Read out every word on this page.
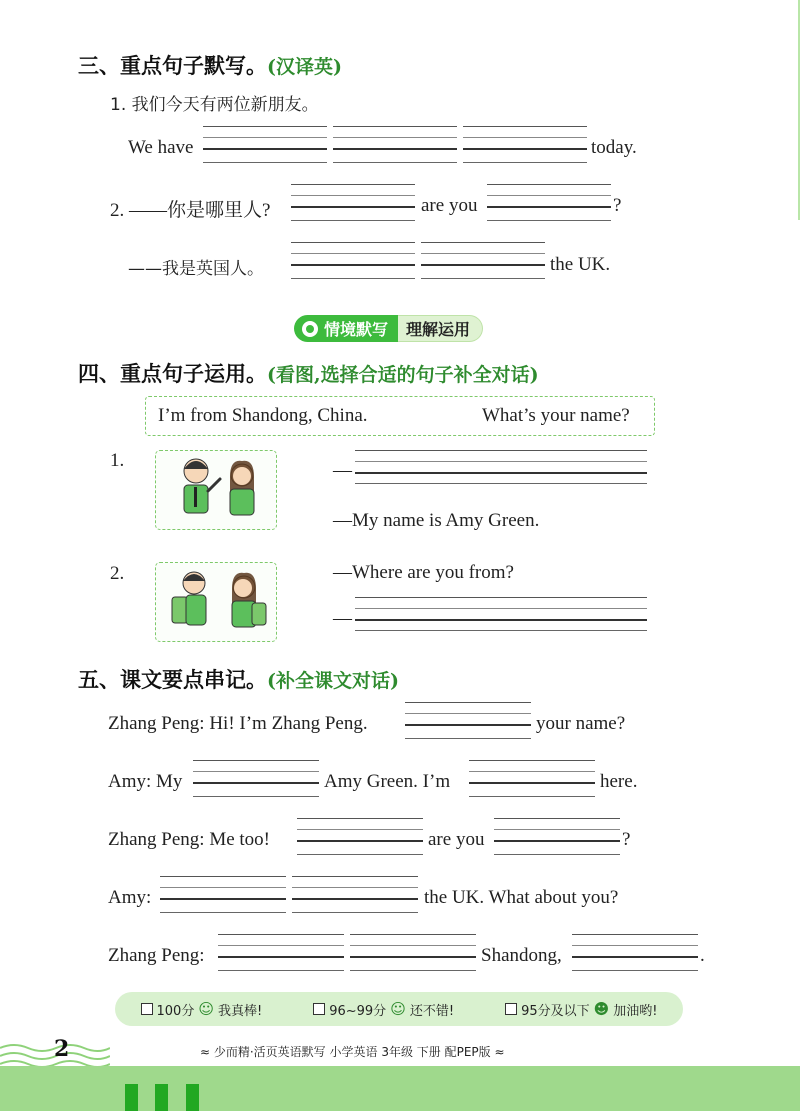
三、重点句子默写。(汉译英)
1. 我们今天有两位新朋友。
We have	today.
2. ——你是哪里人?	are you	?
——我是英国人。	the UK.
情境默写 理解运用
四、重点句子运用。(看图,选择合适的句子补全对话)
I’m from Shandong, China.	What’s your name?
1.	—
—My name is Amy Green.
2.	—Where are you from?
—
五、课文要点串记。(补全课文对话)
Zhang Peng: Hi! I’m Zhang Peng.	your name?
Amy: My	Amy Green. I’m	here.
Zhang Peng: Me too!	are you	?
Amy:	the UK. What about you?
Zhang Peng:	Shandong,	.
100分 ☺ 我真棒!	96~99分 ☺ 还不错!	95分及以下 ☻ 加油哟!
2	≈ 少而精·活页英语默写 小学英语 3年级 下册 配PEP版 ≈
